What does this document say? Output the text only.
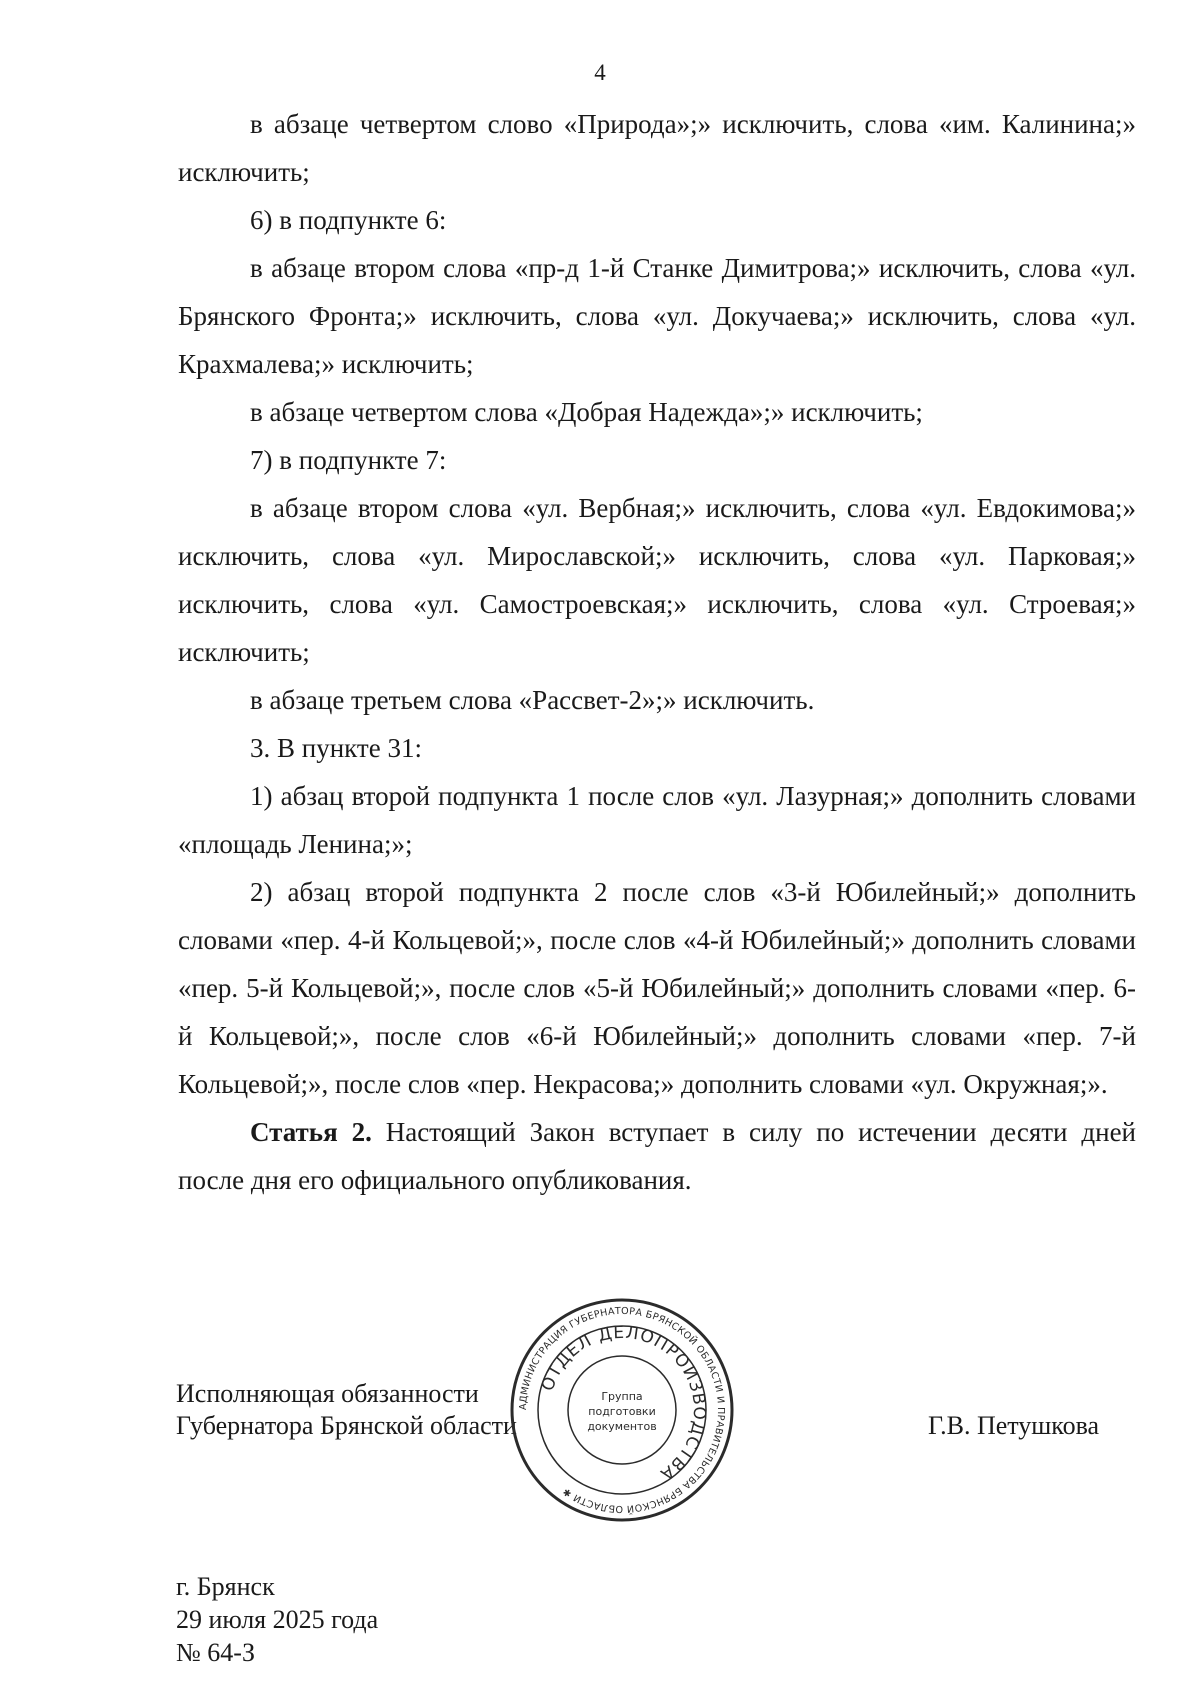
4

в абзаце четвертом слово «Природа»;» исключить, слова «им. Калинина;» исключить;

6) в подпункте 6:

в абзаце втором слова «пр-д 1-й Станке Димитрова;» исключить, слова «ул. Брянского Фронта;» исключить, слова «ул. Докучаева;» исключить, слова «ул. Крахмалева;» исключить;

в абзаце четвертом слова «Добрая Надежда»;» исключить;

7) в подпункте 7:

в абзаце втором слова «ул. Вербная;» исключить, слова «ул. Евдокимова;» исключить, слова «ул. Мирославской;» исключить, слова «ул. Парковая;» исключить, слова «ул. Самостроевская;» исключить, слова «ул. Строевая;» исключить;

в абзаце третьем слова «Рассвет-2»;» исключить.

3. В пункте 31:

1) абзац второй подпункта 1 после слов «ул. Лазурная;» дополнить словами «площадь Ленина;»;

2) абзац второй подпункта 2 после слов «3-й Юбилейный;» дополнить словами «пер. 4-й Кольцевой;», после слов «4-й Юбилейный;» дополнить словами «пер. 5-й Кольцевой;», после слов «5-й Юбилейный;» дополнить словами «пер. 6-й Кольцевой;», после слов «6-й Юбилейный;» дополнить словами «пер. 7-й Кольцевой;», после слов «пер. Некрасова;» дополнить словами «ул. Окружная;».

Статья 2. Настоящий Закон вступает в силу по истечении десяти дней после дня его официального опубликования.

Исполняющая обязанности
Губернатора Брянской области	Г.В. Петушкова
АДМИНИСТРАЦИЯ ГУБЕРНАТОРА БРЯНСКОЙ ОБЛАСТИ И ПРАВИТЕЛЬСТВА БРЯНСКОЙ ОБЛАСТИ ✱
ОТДЕЛ ДЕЛОПРОИЗВОДСТВА
Группа
подготовки
документов
г. Брянск
29 июля 2025 года
№ 64-З
